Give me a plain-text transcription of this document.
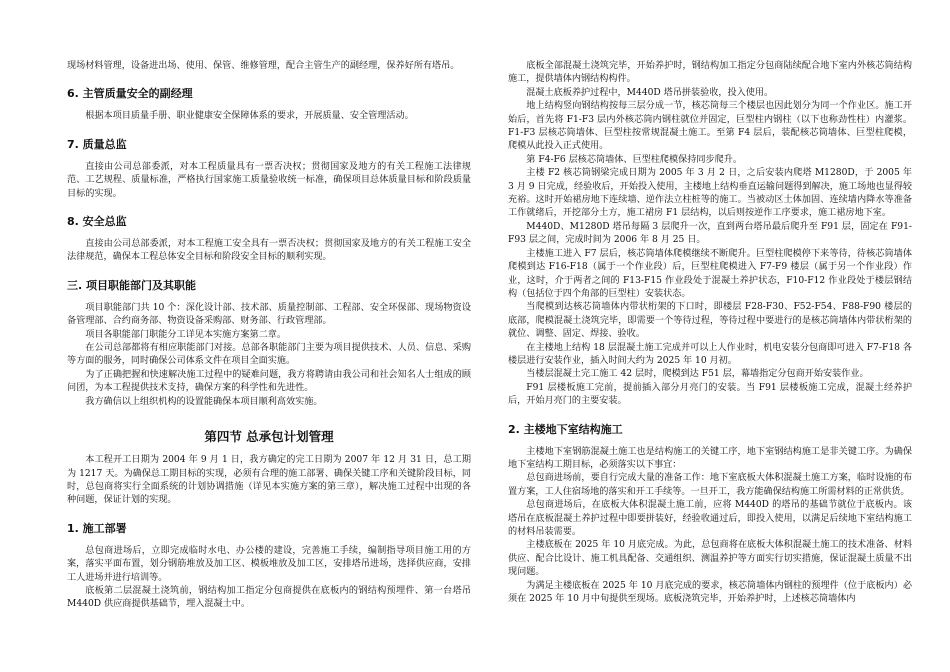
现场材料管理，设备进出场、使用、保管、维修管理，配合主管生产的副经理，保养好所有塔吊。

6. 主管质量安全的副经理

根据本项目质量手册、职业健康安全保障体系的要求，开展质量、安全管理活动。

7. 质量总监

直接由公司总部委派，对本工程质量具有一票否决权；贯彻国家及地方的有关工程施工法律规范、工艺规程、质量标准，严格执行国家施工质量验收统一标准，确保项目总体质量目标和阶段质量目标的实现。

8. 安全总监

直接由公司总部委派，对本工程施工安全具有一票否决权；贯彻国家及地方的有关工程施工安全法律规范，确保本工程总体安全目标和阶段安全目标的顺利实现。

三. 项目职能部门及其职能

项目职能部门共 10 个：深化设计部、技术部、质量控制部、工程部、安全环保部、现场物资设备管理部、合约商务部、物资设备采购部、财务部、行政管理部。

项目各职能部门职能分工详见本实施方案第二章。

在公司总部都将有相应职能部门对接。总部各职能部门主要为项目提供技术、人员、信息、采购等方面的服务，同时确保公司体系文件在项目全面实施。

为了正确把握和快速解决施工过程中的疑难问题，我方将聘请由我公司和社会知名人士组成的顾问团，为本工程提供技术支持，确保方案的科学性和先进性。

我方确信以上组织机构的设置能确保本项目顺利高效实施。

第四节 总承包计划管理

本工程开工日期为 2004 年 9 月 1 日，我方确定的完工日期为 2007 年 12 月 31 日，总工期为 1217 天。为确保总工期目标的实现，必须有合理的施工部署、确保关键工序和关键阶段目标，同时，总包商将实行全面系统的计划协调措施（详见本实施方案的第三章），解决施工过程中出现的各种问题，保证计划的实现。

1. 施工部署

总包商进场后，立即完成临时水电、办公楼的建设，完善施工手续，编制指导项目施工用的方案，落实平面布置，划分钢筋堆放及加工区、模板堆放及加工区，安排塔吊进场，选择供应商，安排工人进场并进行培训等。

底板第二层混凝土浇筑前，钢结构加工指定分包商提供在底板内的钢结构预埋件、第一台塔吊 M440D 供应商提供基础节，埋入混凝土中。

底板全部混凝土浇筑完毕，开始养护时，钢结构加工指定分包商陆续配合地下室内外核芯筒结构施工，提供墙体内钢结构构件。

混凝土底板养护过程中，M440D 塔吊拼装验收，投入使用。

地上结构竖向钢结构按每三层分成一节，核芯筒每三个楼层也因此划分为同一个作业区。施工开始后，首先将 F1-F3 层内外核芯筒内钢柱就位并固定，巨型柱内钢柱（以下也称劲性柱）内灌浆。F1-F3 层核芯筒墙体、巨型柱按常规混凝土施工。至第 F4 层后，装配核芯筒墙体、巨型柱爬模，爬模从此投入正式使用。

第 F4-F6 层核芯筒墙体、巨型柱爬模保持同步爬升。

主楼 F2 核芯筒钢梁完成日期为 2005 年 3 月 2 日，之后安装内爬塔 M1280D，于 2005 年 3 月 9 日完成，经验收后，开始投入使用，主楼地上结构垂直运输问题得到解决，施工场地也显得较充裕。这时开始裙房地下连续墙、逆作法立柱桩等的施工。当被动区土体加固、连续墙内降水等准备工作就绪后，开挖部分土方，施工裙房 F1 层结构，以后则按逆作工序要求，施工裙房地下室。

M440D、M1280D 塔吊每隔 3 层爬升一次，直到两台塔吊最后爬升至 F91 层，固定在 F91-F93 层之间，完成时间为 2006 年 8 月 25 日。

主楼施工进入 F7 层后，核芯筒墙体爬模继续不断爬升。巨型柱爬模停下来等待，待核芯筒墙体爬模到达 F16-F18（属于一个作业段）后，巨型柱爬模进入 F7-F9 楼层（属于另一个作业段）作业，这时，介于两者之间的 F13-F15 作业段处于混凝土养护状态，F10-F12 作业段处于楼层钢结构（包括位于四个角部的巨型柱）安装状态。

当爬模到达核芯筒墙体内带状桁架的下口时，即楼层 F28-F30、F52-F54、F88-F90 楼层的底部，爬模混凝土浇筑完毕，即需要一个等待过程，等待过程中要进行的是核芯筒墙体内带状桁架的就位、调整、固定、焊接、验收。

在主楼地上结构 18 层混凝土施工完成并可以上人作业时，机电安装分包商即可进入 F7-F18 各楼层进行安装作业，插入时间大约为 2025 年 10 月初。

当楼层混凝土完工施工 42 层时，爬模到达 F51 层，幕墙指定分包商开始安装作业。

F91 层楼板施工完前，提前插入部分月亮门的安装。当 F91 层楼板施工完成，混凝土经养护后，开始月亮门的主要安装。

2. 主楼地下室结构施工

主楼地下室钢筋混凝土施工也是结构施工的关键工序，地下室钢结构施工是非关键工序。为确保地下室结构工期目标，必须落实以下事宜：

总包商进场前，要自行完成大量的准备工作：地下室底板大体积混凝土施工方案，临时设施的布置方案，工人住宿场地的落实和开工手续等。一旦开工，我方能确保结构施工所需材料的正常供货。

总包商进场后，在底板大体积混凝土施工前，应将 M440D 的塔吊的基础节就位于底板内。该塔吊在底板混凝土养护过程中即要拼装好，经验收通过后，即投入使用，以满足后续地下室结构施工的材料吊装需要。

主楼底板在 2025 年 10 月底完成。为此，总包商将在底板大体积混凝土施工的技术准备、材料供应、配合比设计、施工机具配备、交通组织、测温养护等方面实行切实措施，保证混凝土质量不出现问题。

为满足主楼底板在 2025 年 10 月底完成的要求，核芯筒墙体内钢柱的预埋件（位于底板内）必须在 2025 年 10 月中旬提供至现场。底板浇筑完毕，开始养护时，上述核芯筒墙体内
